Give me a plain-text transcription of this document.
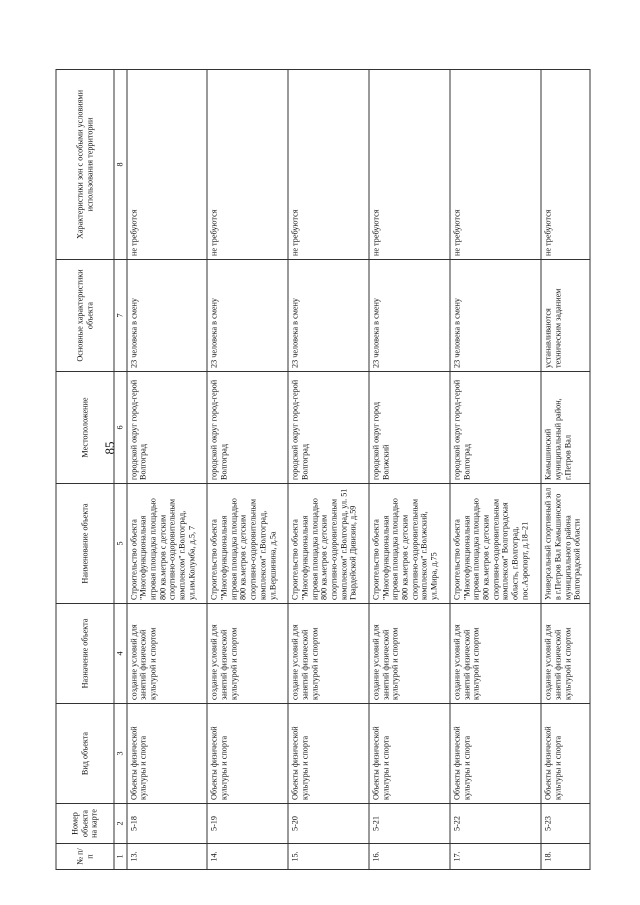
85
№ п/п	Номер объекта на карте	Вид объекта	Назначение объекта	Наименование объекта	Местоположение	Основные характеристики объекта	Характеристики зон с особыми условиями использования территории
1	2	3	4	5	6	7	8
13.	5-18	Объекты физической культуры и спорта	создание условий для занятий физической культурой и спортом	Строительство объекта "Многофункциональная игровая площадка площадью 800 кв.метров с детским спортивно-оздоровительным комплексом" г.Волгоград, ул.им.Колумба, д.5, 7	городской округ город-герой Волгоград	23 человека в смену	не требуются
14.	5-19	Объекты физической культуры и спорта	создание условий для занятий физической культурой и спортом	Строительство объекта "Многофункциональная игровая площадка площадью 800 кв.метров с детским спортивно-оздоровительным комплексом" г.Волгоград, ул.Вершинина, д.5а	городской округ город-герой Волгоград	23 человека в смену	не требуются
15.	5-20	Объекты физической культуры и спорта	создание условий для занятий физической культурой и спортом	Строительство объекта "Многофункциональная игровая площадка площадью 800 кв.метров с детским спортивно-оздоровительным комплексом" г.Волгоград, ул. 51 Гвардейской Дивизии, д.59	городской округ город-герой Волгоград	23 человека в смену	не требуются
16.	5-21	Объекты физической культуры и спорта	создание условий для занятий физической культурой и спортом	Строительство объекта "Многофункциональная игровая площадка площадью 800 кв.метров с детским спортивно-оздоровительным комплексом" г.Волжский, ул.Мира, д.75	городской округ город Волжский	23 человека в смену	не требуются
17.	5-22	Объекты физической культуры и спорта	создание условий для занятий физической культурой и спортом	Строительство объекта "Многофункциональная игровая площадка площадью 800 кв.метров с детским спортивно-оздоровительным комплексом" Волгоградская область, г.Волгоград, пос.Аэропорт, д.18–21	городской округ город-герой Волгоград	23 человека в смену	не требуются
18.	5-23	Объекты физической культуры и спорта	создание условий для занятий физической культурой и спортом	Универсальный спортивный зал в г.Петров Вал Камышинского муниципального района Волгоградской области	Камышинский муниципальный район, г.Петров Вал	устанавливаются техническим заданием	не требуются
